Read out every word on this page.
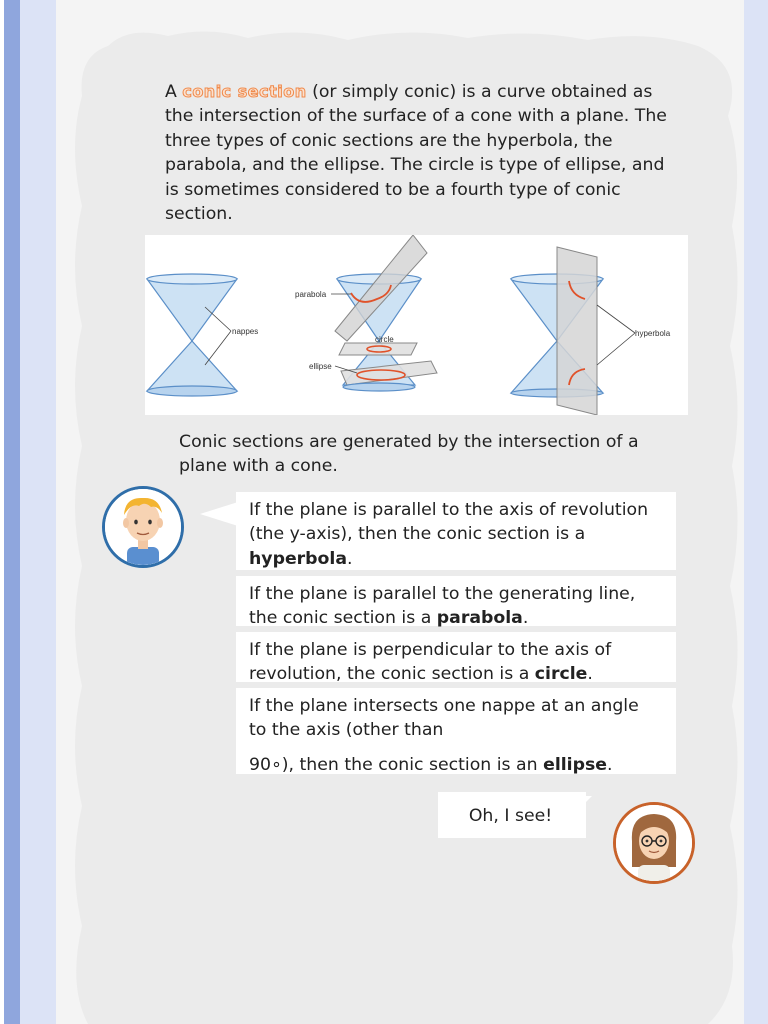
A conic section (or simply conic) is a curve obtained as the intersection of the surface of a cone with a plane. The three types of conic sections are the hyperbola, the parabola, and the ellipse. The circle is type of ellipse, and is sometimes considered to be a fourth type of conic section.
nappes
parabola
circle
ellipse
hyperbola
Conic sections are generated by the intersection of a plane with a cone.
If the plane is parallel to the axis of revolution (the y-axis), then the conic section is a hyperbola.
If the plane is parallel to the generating line, the conic section is a parabola.
If the plane is perpendicular to the axis of revolution, the conic section is a circle.
If the plane intersects one nappe at an angle to the axis (other than
90∘), then the conic section is an ellipse.
Oh, I see!
